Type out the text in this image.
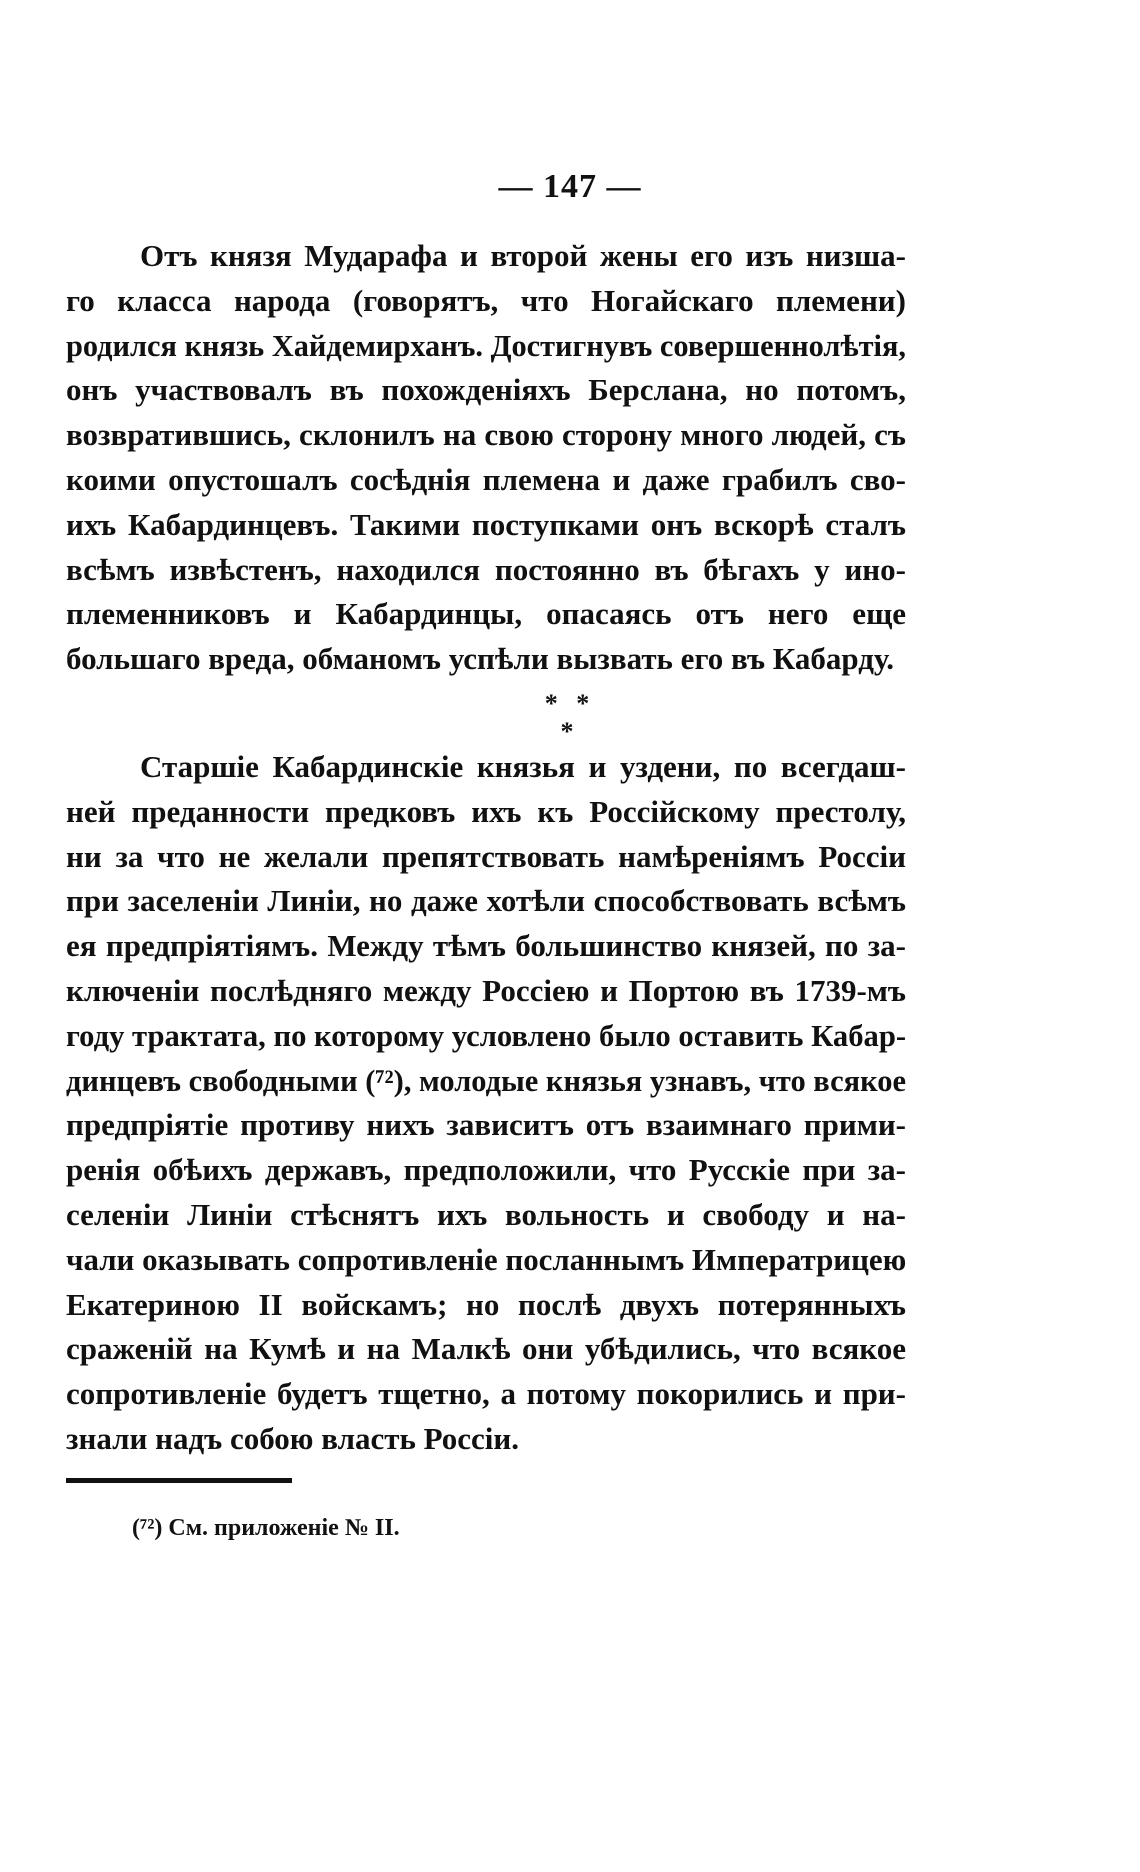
— 147 —
Отъ князя Мударафа и второй жены его изъ низша-
го класса народа (говорятъ, что Ногайскаго племени)
родился князь Хайдемирханъ. Достигнувъ совершеннолѣтія,
онъ участвовалъ въ похожденіяхъ Берслана, но потомъ,
возвратившись, склонилъ на свою сторону много людей, съ
коими опустошалъ сосѣднія племена и даже грабилъ сво-
ихъ Кабардинцевъ. Такими поступками онъ вскорѣ сталъ
всѣмъ извѣстенъ, находился постоянно въ бѣгахъ у ино-
племенниковъ и Кабардинцы, опасаясь отъ него еще
большаго вреда, обманомъ успѣли вызвать его въ Кабарду.
* *
*
Старшіе Кабардинскіе князья и уздени, по всегдаш-
ней преданности предковъ ихъ къ Россійскому престолу,
ни за что не желали препятствовать намѣреніямъ Россіи
при заселеніи Линіи, но даже хотѣли способствовать всѣмъ
ея предпріятіямъ. Между тѣмъ большинство князей, по за-
ключеніи послѣдняго между Россіею и Портою въ 1739-мъ
году трактата, по которому условлено было оставить Кабар-
динцевъ свободными (⁷²), молодые князья узнавъ, что всякое
предпріятіе противу нихъ зависитъ отъ взаимнаго прими-
ренія обѣихъ державъ, предположили, что Русскіе при за-
селеніи Линіи стѣснятъ ихъ вольность и свободу и на-
чали оказывать сопротивленіе посланнымъ Императрицею
Екатериною II войскамъ; но послѣ двухъ потерянныхъ
сраженій на Кумѣ и на Малкѣ они убѣдились, что всякое
сопротивленіе будетъ тщетно, а потому покорились и при-
знали надъ собою власть Россіи.
(⁷²) См. приложеніе № II.
